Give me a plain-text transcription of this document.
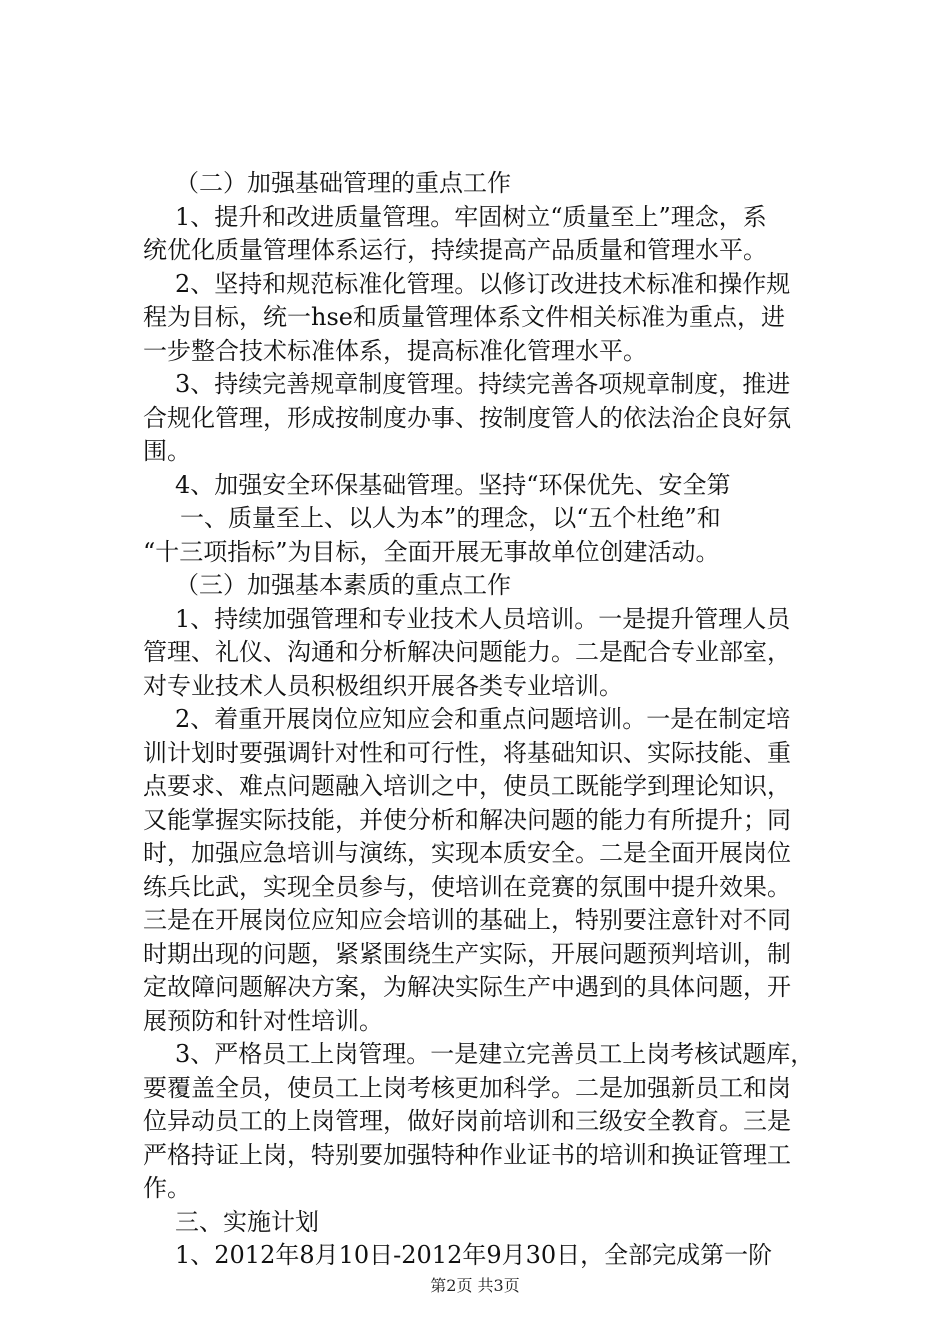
（二）加强基础管理的重点工作
1、提升和改进质量管理。牢固树立“质量至上”理念，系
统优化质量管理体系运行，持续提高产品质量和管理水平。
2、坚持和规范标准化管理。以修订改进技术标准和操作规
程为目标，统一hse和质量管理体系文件相关标准为重点，进
一步整合技术标准体系，提高标准化管理水平。
3、持续完善规章制度管理。持续完善各项规章制度，推进
合规化管理，形成按制度办事、按制度管人的依法治企良好氛
围。
4、加强安全环保基础管理。坚持“环保优先、安全第
一、质量至上、以人为本”的理念，以“五个杜绝”和
“十三项指标”为目标，全面开展无事故单位创建活动。
（三）加强基本素质的重点工作
1、持续加强管理和专业技术人员培训。一是提升管理人员
管理、礼仪、沟通和分析解决问题能力。二是配合专业部室，
对专业技术人员积极组织开展各类专业培训。
2、着重开展岗位应知应会和重点问题培训。一是在制定培
训计划时要强调针对性和可行性，将基础知识、实际技能、重
点要求、难点问题融入培训之中，使员工既能学到理论知识，
又能掌握实际技能，并使分析和解决问题的能力有所提升；同
时，加强应急培训与演练，实现本质安全。二是全面开展岗位
练兵比武，实现全员参与，使培训在竞赛的氛围中提升效果。
三是在开展岗位应知应会培训的基础上，特别要注意针对不同
时期出现的问题，紧紧围绕生产实际，开展问题预判培训，制
定故障问题解决方案，为解决实际生产中遇到的具体问题，开
展预防和针对性培训。
3、严格员工上岗管理。一是建立完善员工上岗考核试题库，
要覆盖全员，使员工上岗考核更加科学。二是加强新员工和岗
位异动员工的上岗管理，做好岗前培训和三级安全教育。三是
严格持证上岗，特别要加强特种作业证书的培训和换证管理工
作。
三、实施计划
1、2012年8月10日-2012年9月30日，全部完成第一阶
第2页 共3页
